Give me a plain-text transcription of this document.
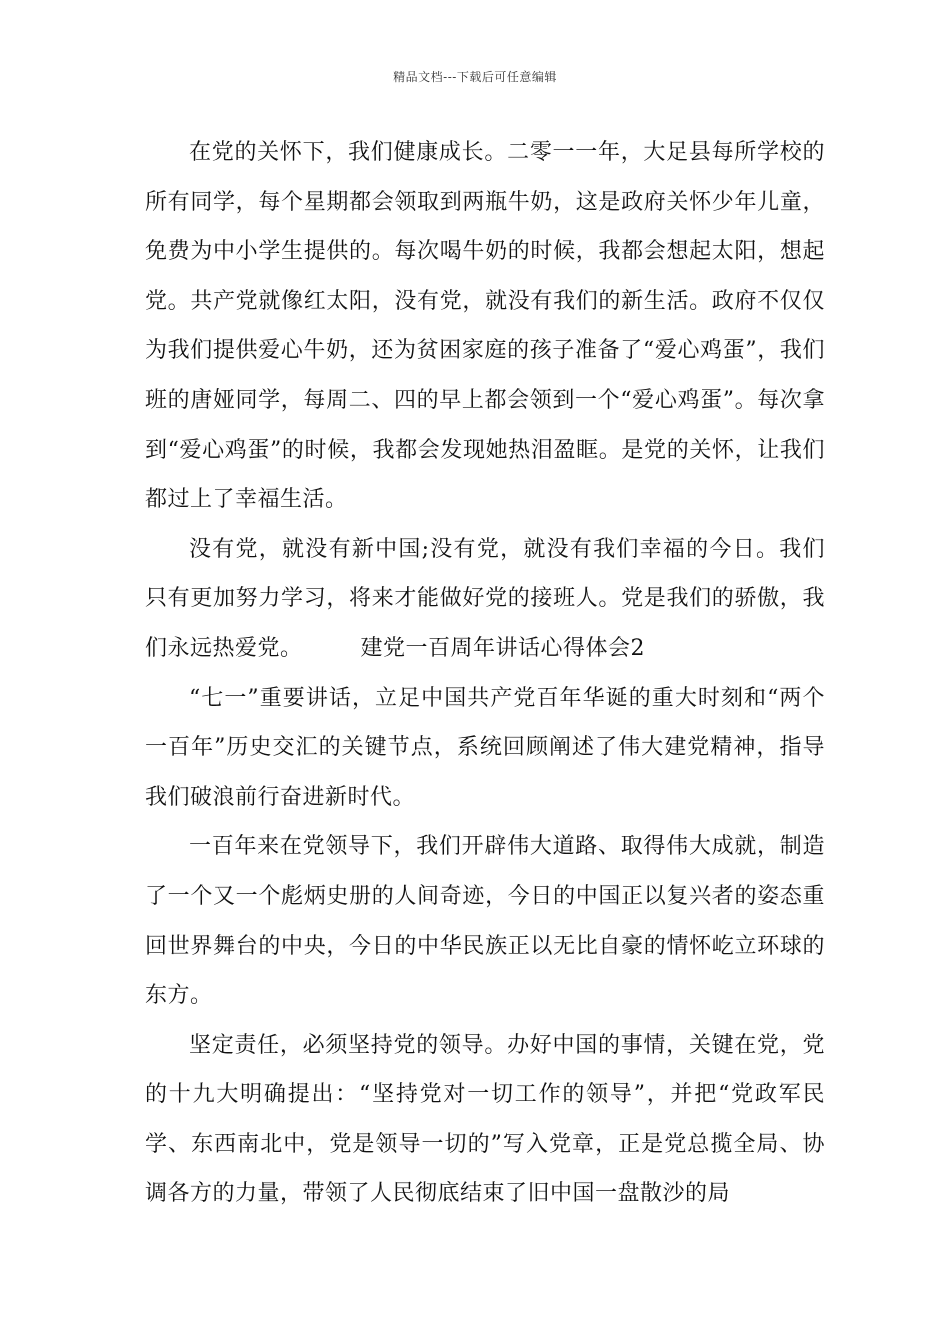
精品文档---下载后可任意编辑

在党的关怀下，我们健康成长。二零一一年，大足县每所学校的所有同学，每个星期都会领取到两瓶牛奶，这是政府关怀少年儿童，免费为中小学生提供的。每次喝牛奶的时候，我都会想起太阳，想起党。共产党就像红太阳，没有党，就没有我们的新生活。政府不仅仅为我们提供爱心牛奶，还为贫困家庭的孩子准备了“爱心鸡蛋”，我们班的唐娅同学，每周二、四的早上都会领到一个“爱心鸡蛋”。每次拿到“爱心鸡蛋”的时候，我都会发现她热泪盈眶。是党的关怀，让我们都过上了幸福生活。

没有党，就没有新中国;没有党，就没有我们幸福的今日。我们只有更加努力学习，将来才能做好党的接班人。党是我们的骄傲，我们永远热爱党。	建党一百周年讲话心得体会2

“七一”重要讲话，立足中国共产党百年华诞的重大时刻和“两个一百年”历史交汇的关键节点，系统回顾阐述了伟大建党精神，指导我们破浪前行奋进新时代。

一百年来在党领导下，我们开辟伟大道路、取得伟大成就，制造了一个又一个彪炳史册的人间奇迹，今日的中国正以复兴者的姿态重回世界舞台的中央，今日的中华民族正以无比自豪的情怀屹立环球的东方。

坚定责任，必须坚持党的领导。办好中国的事情，关键在党，党的十九大明确提出：“坚持党对一切工作的领导”，并把“党政军民学、东西南北中，党是领导一切的”写入党章，正是党总揽全局、协调各方的力量，带领了人民彻底结束了旧中国一盘散沙的局
